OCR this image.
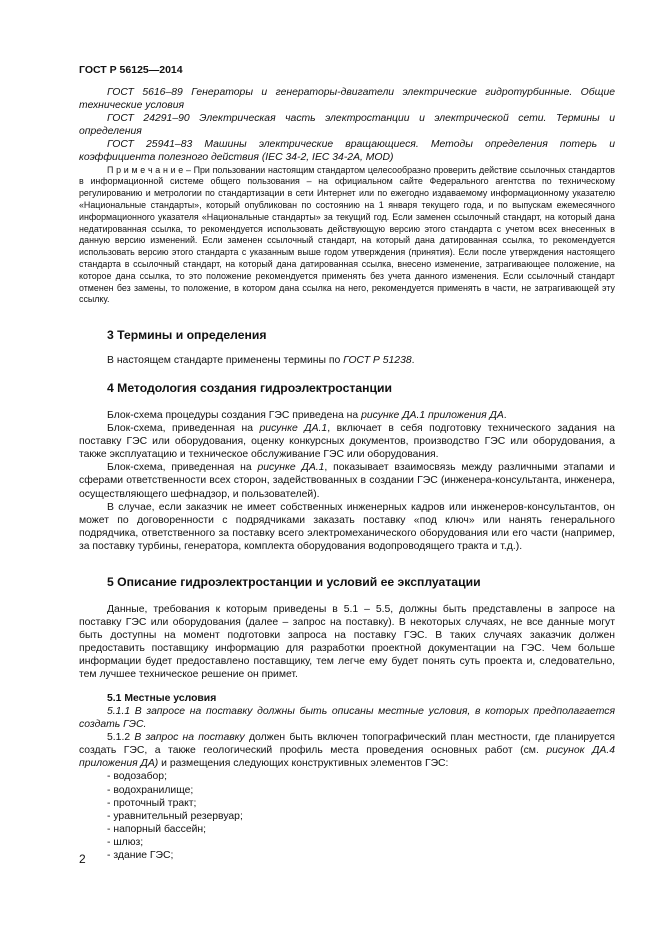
ГОСТ Р 56125—2014

ГОСТ 5616–89 Генераторы и генераторы-двигатели электрические гидротурбинные. Общие технические условия

ГОСТ 24291–90 Электрическая часть электростанции и электрической сети. Термины и определения

ГОСТ 25941–83 Машины электрические вращающиеся. Методы определения потерь и коэффициента полезного действия (IEC 34-2, IEC 34-2A, MOD)

П р и м е ч а н и е – При пользовании настоящим стандартом целесообразно проверить действие ссылочных стандартов в информационной системе общего пользования – на официальном сайте Федерального агентства по техническому регулированию и метрологии по стандартизации в сети Интернет или по ежегодно издаваемому информационному указателю «Национальные стандарты», который опубликован по состоянию на 1 января текущего года, и по выпускам ежемесячного информационного указателя «Национальные стандарты» за текущий год. Если заменен ссылочный стандарт, на который дана недатированная ссылка, то рекомендуется использовать действующую версию этого стандарта с учетом всех внесенных в данную версию изменений. Если заменен ссылочный стандарт, на который дана датированная ссылка, то рекомендуется использовать версию этого стандарта с указанным выше годом утверждения (принятия). Если после утверждения настоящего стандарта в ссылочный стандарт, на который дана датированная ссылка, внесено изменение, затрагивающее положение, на которое дана ссылка, то это положение рекомендуется применять без учета данного изменения. Если ссылочный стандарт отменен без замены, то положение, в котором дана ссылка на него, рекомендуется применять в части, не затрагивающей эту ссылку.

3 Термины и определения

В настоящем стандарте применены термины по ГОСТ Р 51238.

4 Методология создания гидроэлектростанции

Блок-схема процедуры создания ГЭС приведена на рисунке ДА.1 приложения ДА.

Блок-схема, приведенная на рисунке ДА.1, включает в себя подготовку технического задания на поставку ГЭС или оборудования, оценку конкурсных документов, производство ГЭС или оборудования, а также эксплуатацию и техническое обслуживание ГЭС или оборудования.

Блок-схема, приведенная на рисунке ДА.1, показывает взаимосвязь между различными этапами и сферами ответственности всех сторон, задействованных в создании ГЭС (инженера-консультанта, инженера, осуществляющего шефнадзор, и пользователей).

В случае, если заказчик не имеет собственных инженерных кадров или инженеров-консультантов, он может по договоренности с подрядчиками заказать поставку «под ключ» или нанять генерального подрядчика, ответственного за поставку всего электромеханического оборудования или его части (например, за поставку турбины, генератора, комплекта оборудования водопроводящего тракта и т.д.).

5 Описание гидроэлектростанции и условий ее эксплуатации

Данные, требования к которым приведены в 5.1 – 5.5, должны быть представлены в запросе на поставку ГЭС или оборудования (далее – запрос на поставку). В некоторых случаях, не все данные могут быть доступны на момент подготовки запроса на поставку ГЭС. В таких случаях заказчик должен предоставить поставщику информацию для разработки проектной документации на ГЭС. Чем больше информации будет предоставлено поставщику, тем легче ему будет понять суть проекта и, следовательно, тем лучшее техническое решение он примет.

5.1 Местные условия

5.1.1 В запросе на поставку должны быть описаны местные условия, в которых предполагается создать ГЭС.

5.1.2 В запрос на поставку должен быть включен топографический план местности, где планируется создать ГЭС, а также геологический профиль места проведения основных работ (см. рисунок ДА.4 приложения ДА) и размещения следующих конструктивных элементов ГЭС:

- водозабор;

- водохранилище;

- проточный тракт;

- уравнительный резервуар;

- напорный бассейн;

- шлюз;

- здание ГЭС;

2
